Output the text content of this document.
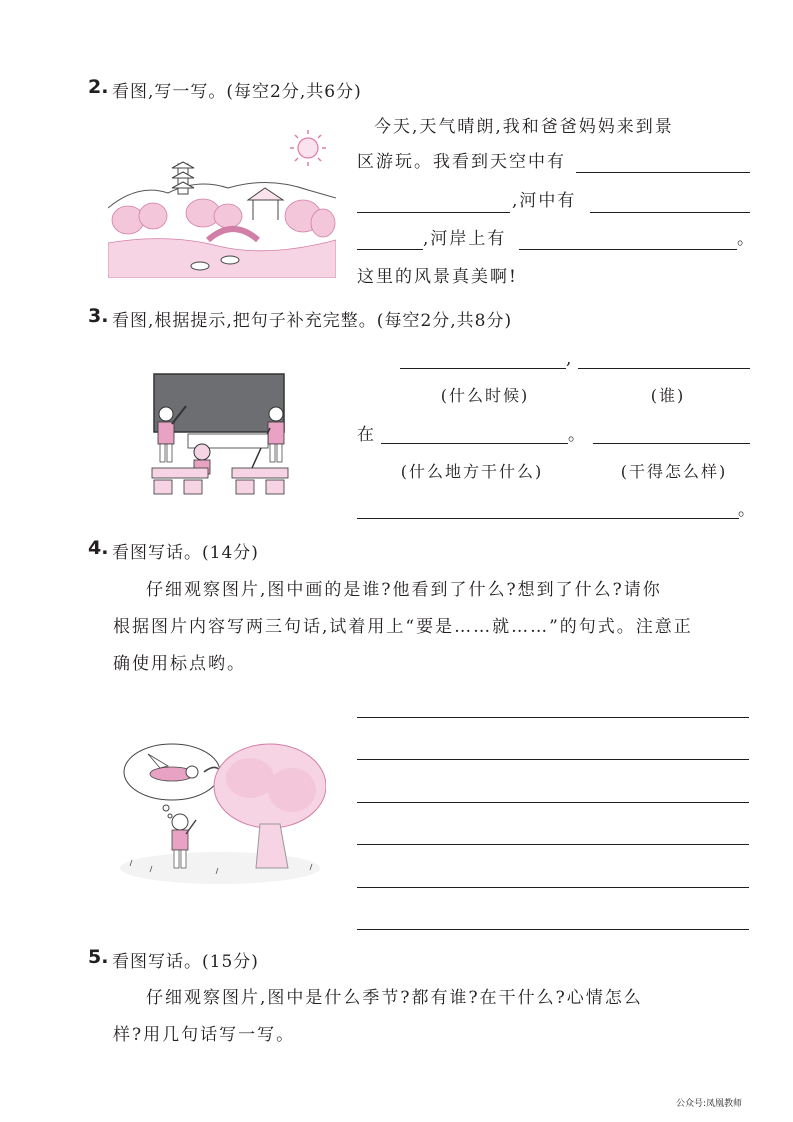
2. 看图,写一写。(每空2分,共6分)
今天,天气晴朗,我和爸爸妈妈来到景
区游玩。我看到天空中有
,河中有
,河岸上有	。
这里的风景真美啊!
3. 看图,根据提示,把句子补充完整。(每空2分,共8分)
,
(什么时候)	(谁)
在	。
(什么地方干什么)	(干得怎么样)
。
4. 看图写话。(14分)
仔细观察图片,图中画的是谁?他看到了什么?想到了什么?请你
根据图片内容写两三句话,试着用上“要是……就……”的句式。注意正
确使用标点哟。
5. 看图写话。(15分)
仔细观察图片,图中是什么季节?都有谁?在干什么?心情怎么
样?用几句话写一写。
公众号:凤凰教师
